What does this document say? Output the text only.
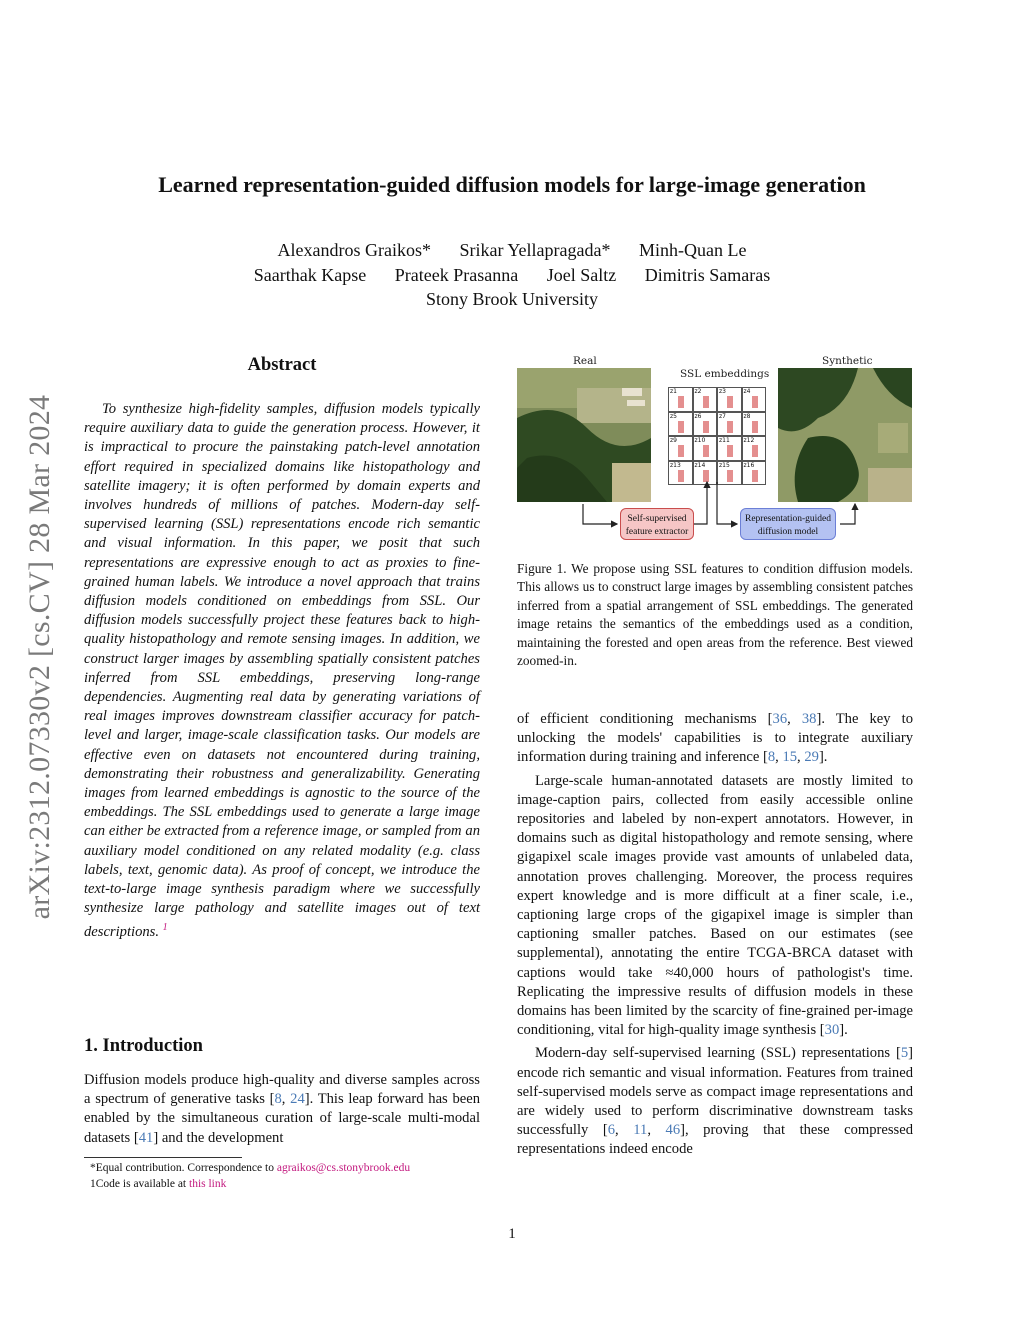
Learned representation-guided diffusion models for large-image generation
Alexandros Graikos* Srikar Yellapragada* Minh-Quan Le
Saarthak Kapse Prateek Prasanna Joel Saltz Dimitris Samaras
Stony Brook University
arXiv:2312.07330v2 [cs.CV] 28 Mar 2024
Abstract
To synthesize high-fidelity samples, diffusion models typically require auxiliary data to guide the generation process. However, it is impractical to procure the painstaking patch-level annotation effort required in specialized domains like histopathology and satellite imagery; it is often performed by domain experts and involves hundreds of millions of patches. Modern-day self-supervised learning (SSL) representations encode rich semantic and visual information. In this paper, we posit that such representations are expressive enough to act as proxies to fine-grained human labels. We introduce a novel approach that trains diffusion models conditioned on embeddings from SSL. Our diffusion models successfully project these features back to high-quality histopathology and remote sensing images. In addition, we construct larger images by assembling spatially consistent patches inferred from SSL embeddings, preserving long-range dependencies. Augmenting real data by generating variations of real images improves downstream classifier accuracy for patch-level and larger, image-scale classification tasks. Our models are effective even on datasets not encountered during training, demonstrating their robustness and generalizability. Generating images from learned embeddings is agnostic to the source of the embeddings. The SSL embeddings used to generate a large image can either be extracted from a reference image, or sampled from an auxiliary model conditioned on any related modality (e.g. class labels, text, genomic data). As proof of concept, we introduce the text-to-large image synthesis paradigm where we successfully synthesize large pathology and satellite images out of text descriptions. $^1$
1. Introduction

Diffusion models produce high-quality and diverse samples across a spectrum of generative tasks [8, 24]. This leap forward has been enabled by the simultaneous curation of large-scale multi-modal datasets [41] and the development

*Equal contribution. Correspondence to agraikos@cs.stonybrook.edu
1Code is available at this link
Real	Synthetic
SSL embeddings
z1	z2	z3	z4
z5	z6	z7	z8
z9	z10 z11 z12
z13 z14 z15 z16
Self-supervised feature extractor
Representation-guided diffusion model
Figure 1. We propose using SSL features to condition diffusion models. This allows us to construct large images by assembling consistent patches inferred from a spatial arrangement of SSL embeddings. The generated image retains the semantics of the embeddings used as a condition, maintaining the forested and open areas from the reference. Best viewed zoomed-in.

of efficient conditioning mechanisms [36, 38]. The key to unlocking the models' capabilities is to integrate auxiliary information during training and inference [8, 15, 29].

Large-scale human-annotated datasets are mostly limited to image-caption pairs, collected from easily accessible online repositories and labeled by non-expert annotators. However, in domains such as digital histopathology and remote sensing, where gigapixel scale images provide vast amounts of unlabeled data, annotation proves challenging. Moreover, the process requires expert knowledge and is more difficult at a finer scale, i.e., captioning large crops of the gigapixel image is simpler than captioning smaller patches. Based on our estimates (see supplemental), annotating the entire TCGA-BRCA dataset with captions would take ≈40,000 hours of pathologist's time. Replicating the impressive results of diffusion models in these domains has been limited by the scarcity of fine-grained per-image conditioning, vital for high-quality image synthesis [30].

Modern-day self-supervised learning (SSL) representations [5] encode rich semantic and visual information. Features from trained self-supervised models serve as compact image representations and are widely used to perform discriminative downstream tasks successfully [6, 11, 46], proving that these compressed representations indeed encode

1
